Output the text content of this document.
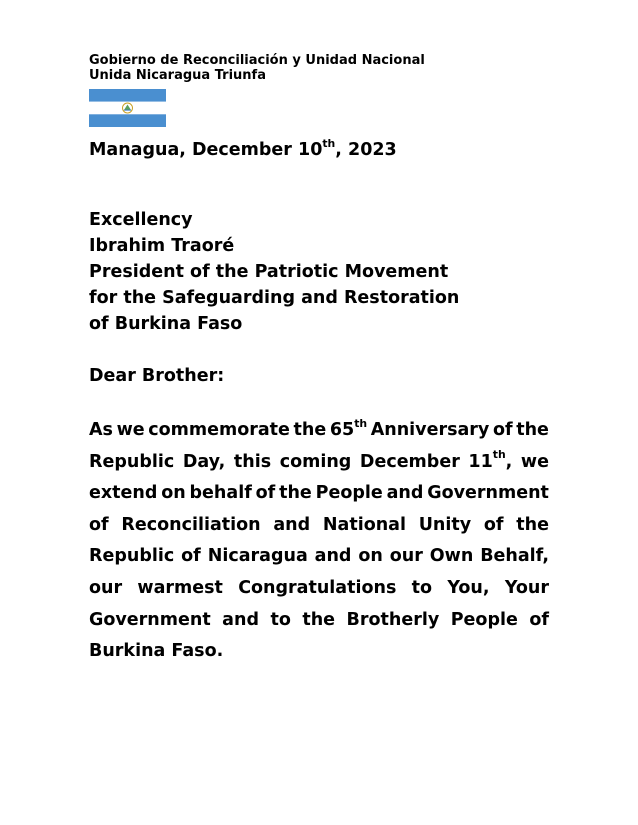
Gobierno de Reconciliación y Unidad Nacional
Unida Nicaragua Triunfa
Managua, December 10th, 2023
Excellency
Ibrahim Traoré
President of the Patriotic Movement
for the Safeguarding and Restoration
of Burkina Faso
Dear Brother:
As we commemorate the 65th Anniversary of the
Republic Day, this coming December 11th, we
extend on behalf of the People and Government
of Reconciliation and National Unity of the
Republic of Nicaragua and on our Own Behalf,
our warmest Congratulations to You, Your
Government and to the Brotherly People of
Burkina Faso.
